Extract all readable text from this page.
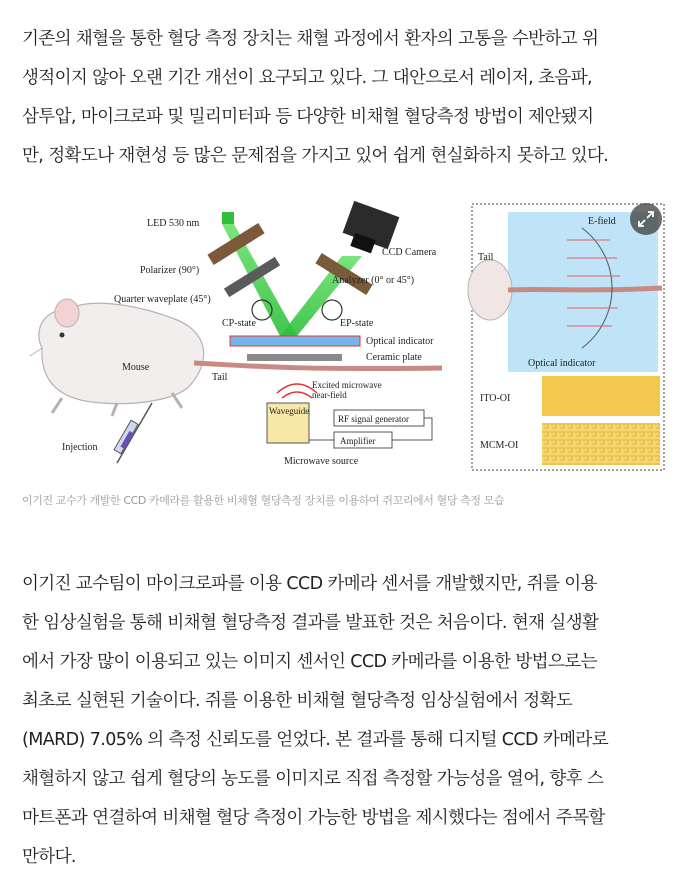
기존의 채혈을 통한 혈당 측정 장치는 채혈 과정에서 환자의 고통을 수반하고 위
생적이지 않아 오랜 기간 개선이 요구되고 있다. 그 대안으로서 레이저, 초음파,
삼투압, 마이크로파 및 밀리미터파 등 다양한 비채혈 혈당측정 방법이 제안됐지
만, 정확도나 재현성 등 많은 문제점을 가지고 있어 쉽게 현실화하지 못하고 있다.
Mouse
Tail
Injection
LED 530 nm
Polarizer (90°)
Quarter waveplate (45°)
Analyzer (0° or 45°)
CP-state	EP-state
CCD Camera
Optical indicator
Ceramic plate
Excited microwave
near-field
Waveguide
RF signal generator
Amplifier
Microwave source
E-field
Tail
Optical indicator
ITO-OI
MCM-OI
이기진 교수가 개발한 CCD 카메라를 활용한 비채혈 혈당측정 장치를 이용하여 쥐꼬리에서 혈당 측정 모습
이기진 교수팀이 마이크로파를 이용 CCD 카메라 센서를 개발했지만, 쥐를 이용
한 임상실험을 통해 비채혈 혈당측정 결과를 발표한 것은 처음이다. 현재 실생활
에서 가장 많이 이용되고 있는 이미지 센서인 CCD 카메라를 이용한 방법으로는
최초로 실현된 기술이다. 쥐를 이용한 비채혈 혈당측정 임상실험에서 정확도
(MARD) 7.05% 의 측정 신뢰도를 얻었다. 본 결과를 통해 디지털 CCD 카메라로
채혈하지 않고 쉽게 혈당의 농도를 이미지로 직접 측정할 가능성을 열어, 향후 스
마트폰과 연결하여 비채혈 혈당 측정이 가능한 방법을 제시했다는 점에서 주목할
만하다.
